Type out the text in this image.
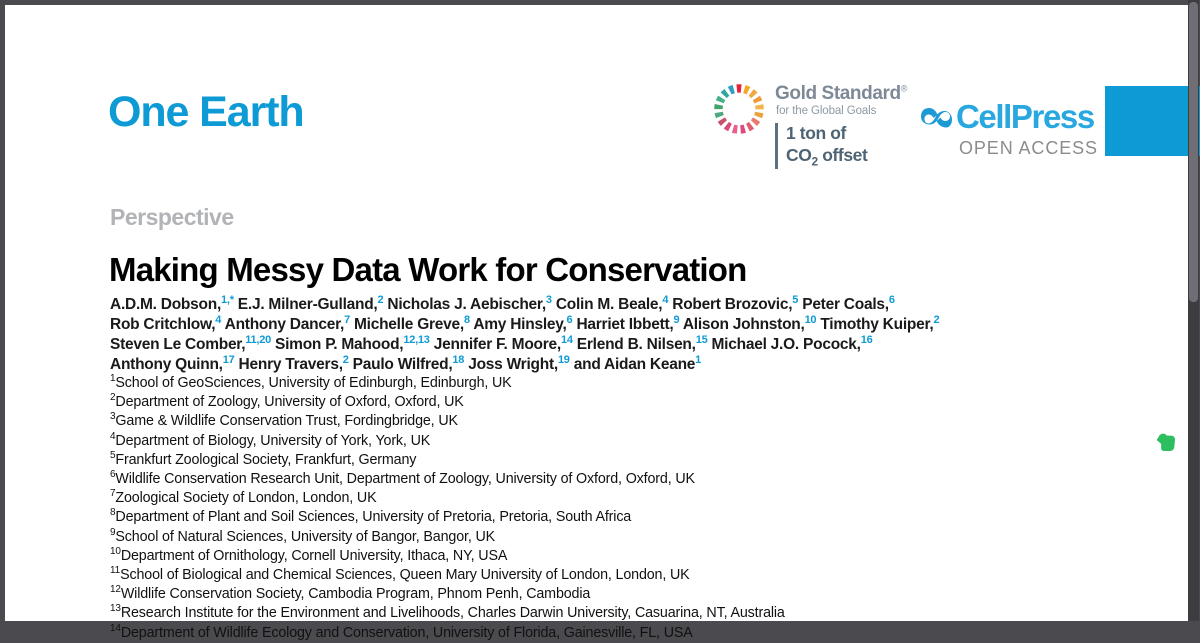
One Earth	Gold Standard®
for the Global Goals
1 ton of
$CO_2$ offset
CellPress
OPEN ACCESS
Perspective
Making Messy Data Work for Conservation
A.D.M. Dobson,$^{1,*}$ E.J. Milner-Gulland,$^2$ Nicholas J. Aebischer,$^3$ Colin M. Beale,$^4$ Robert Brozovic,$^5$ Peter Coals,$^6$
Rob Critchlow,$^4$ Anthony Dancer,$^7$ Michelle Greve,$^8$ Amy Hinsley,$^6$ Harriet Ibbett,$^9$ Alison Johnston,$^{10}$ Timothy Kuiper,$^2$
Steven Le Comber,$^{11,20}$ Simon P. Mahood,$^{12,13}$ Jennifer F. Moore,$^{14}$ Erlend B. Nilsen,$^{15}$ Michael J.O. Pocock,$^{16}$
Anthony Quinn,$^{17}$ Henry Travers,$^2$ Paulo Wilfred,$^{18}$ Joss Wright,$^{19}$ and Aidan Keane$^1$
$^1$School of GeoSciences, University of Edinburgh, Edinburgh, UK
$^2$Department of Zoology, University of Oxford, Oxford, UK
$^3$Game & Wildlife Conservation Trust, Fordingbridge, UK
$^4$Department of Biology, University of York, York, UK
$^5$Frankfurt Zoological Society, Frankfurt, Germany
$^6$Wildlife Conservation Research Unit, Department of Zoology, University of Oxford, Oxford, UK
$^7$Zoological Society of London, London, UK
$^8$Department of Plant and Soil Sciences, University of Pretoria, Pretoria, South Africa
$^9$School of Natural Sciences, University of Bangor, Bangor, UK
$^{10}$Department of Ornithology, Cornell University, Ithaca, NY, USA
$^{11}$School of Biological and Chemical Sciences, Queen Mary University of London, London, UK
$^{12}$Wildlife Conservation Society, Cambodia Program, Phnom Penh, Cambodia
$^{13}$Research Institute for the Environment and Livelihoods, Charles Darwin University, Casuarina, NT, Australia
$^{14}$Department of Wildlife Ecology and Conservation, University of Florida, Gainesville, FL, USA
